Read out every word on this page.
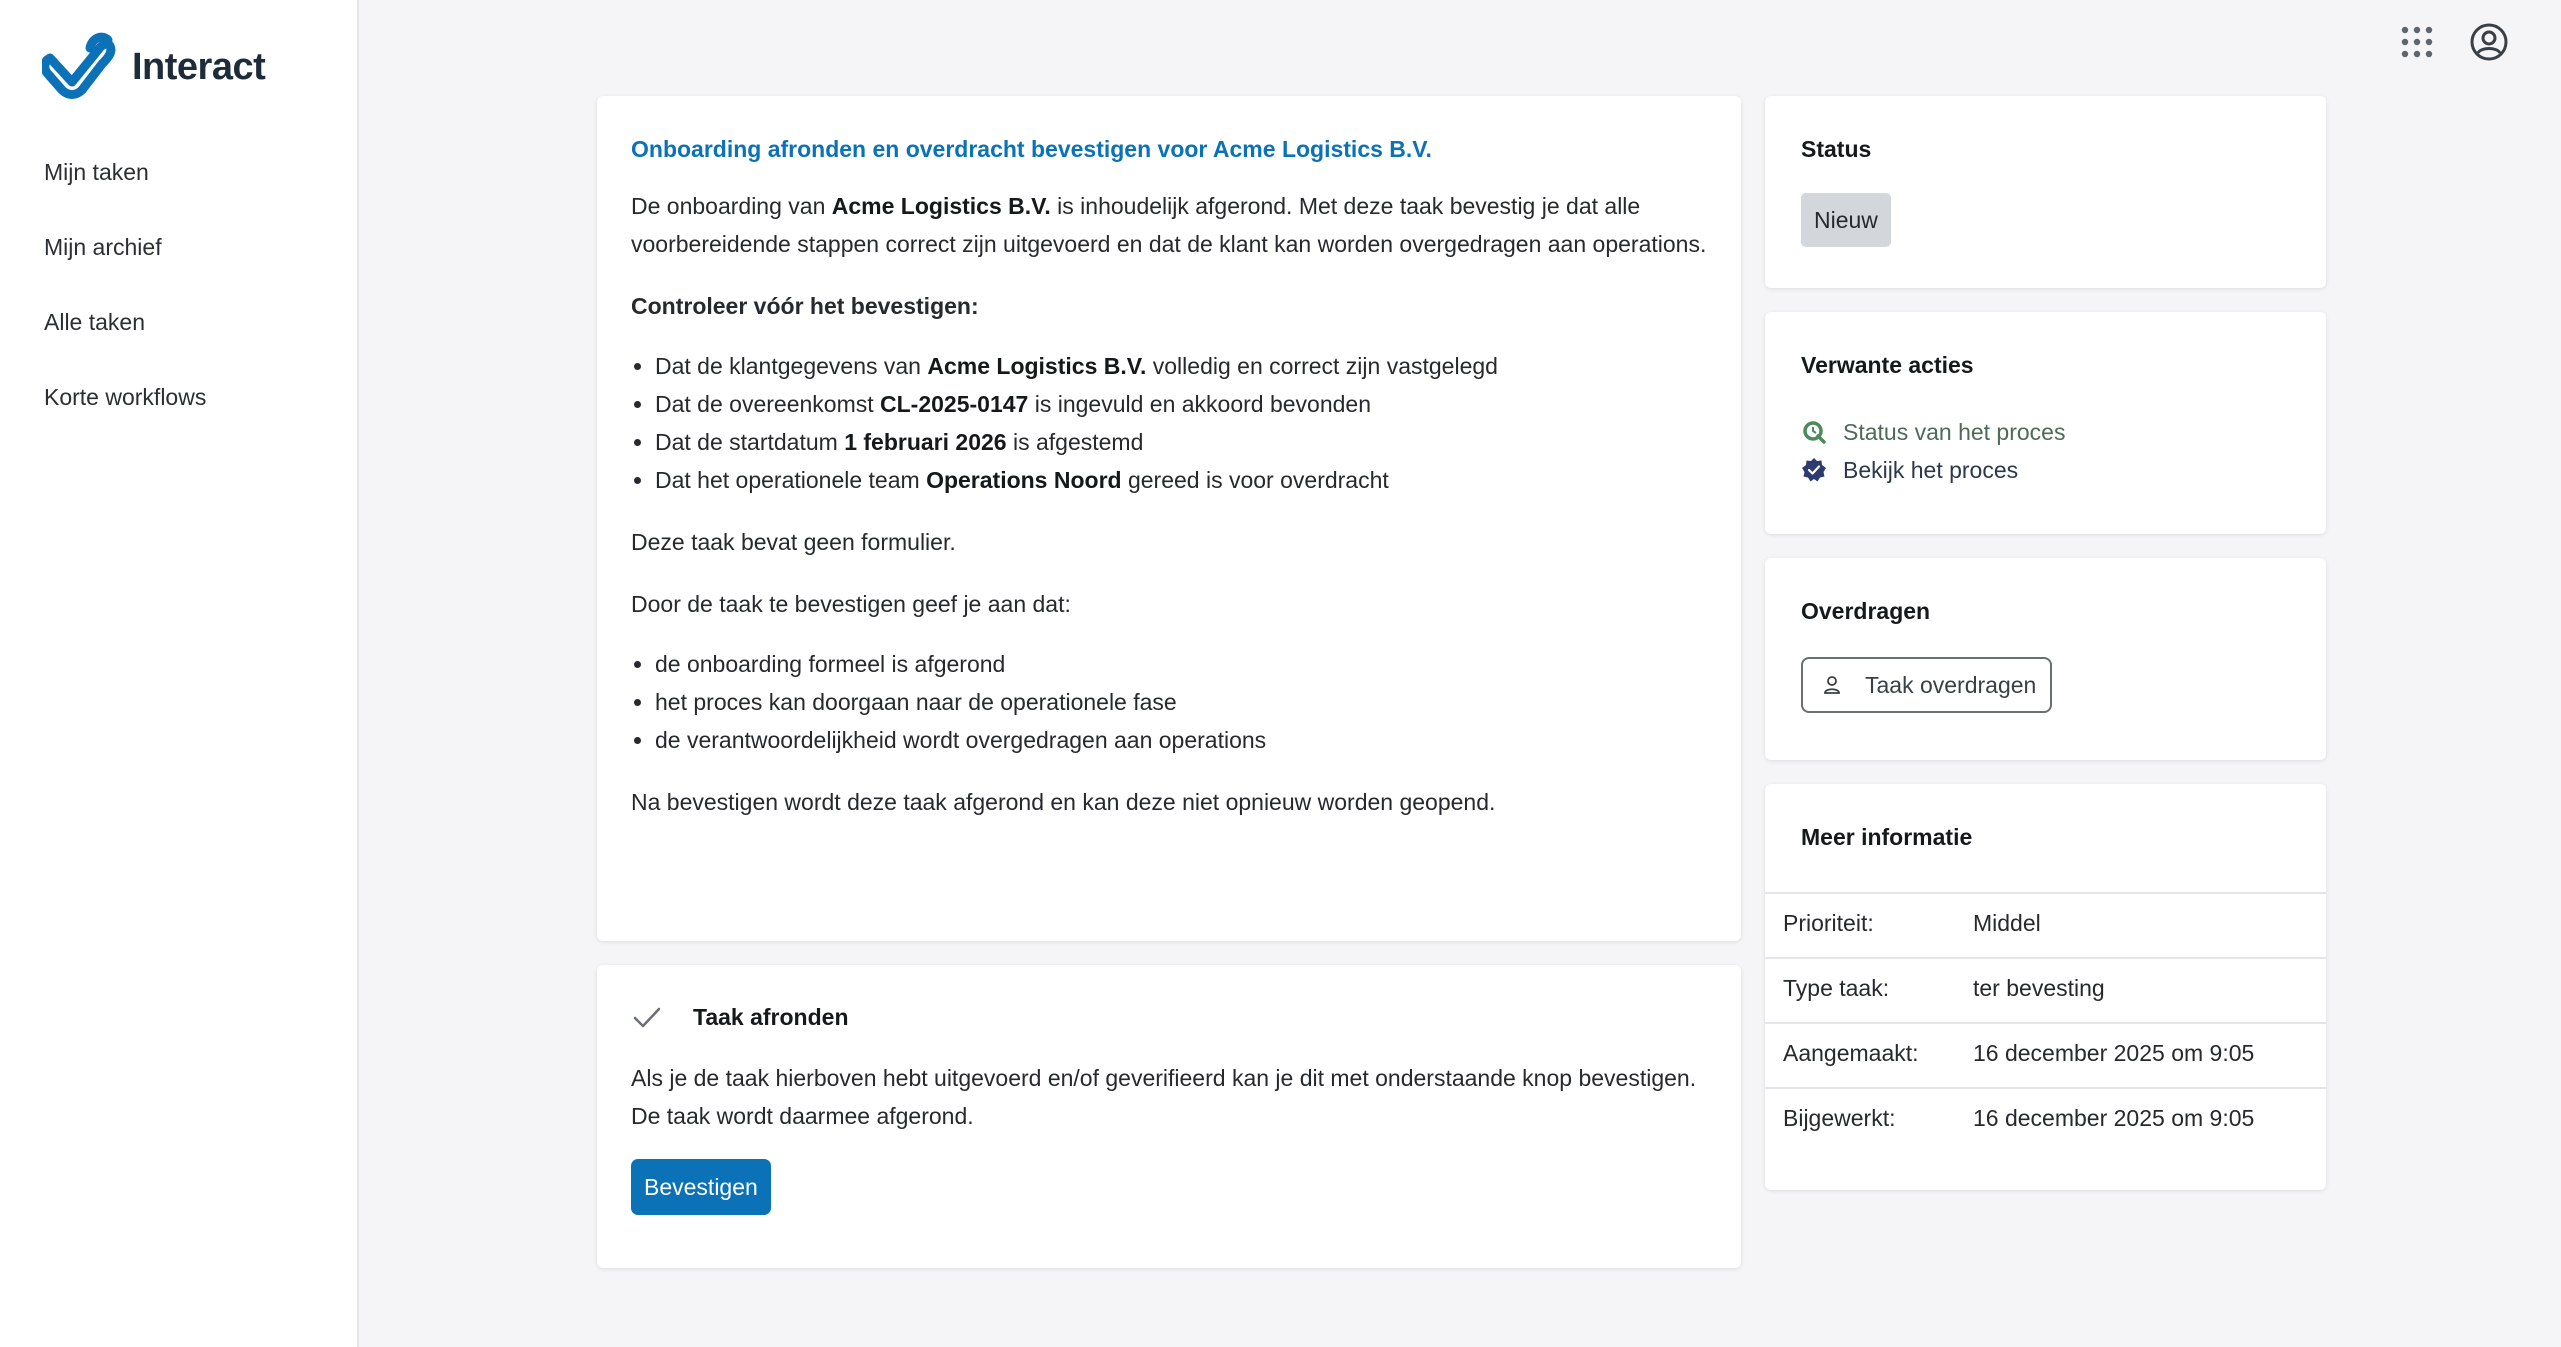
Interact
Mijn taken
Mijn archief
Alle taken
Korte workflows
Onboarding afronden en overdracht bevestigen voor Acme Logistics B.V.

De onboarding van Acme Logistics B.V. is inhoudelijk afgerond. Met deze taak bevestig je dat alle voorbereidende stappen correct zijn uitgevoerd en dat de klant kan worden overgedragen aan operations.

Controleer vóór het bevestigen:

Dat de klantgegevens van Acme Logistics B.V. volledig en correct zijn vastgelegd
Dat de overeenkomst CL-2025-0147 is ingevuld en akkoord bevonden
Dat de startdatum 1 februari 2026 is afgestemd
Dat het operationele team Operations Noord gereed is voor overdracht

Deze taak bevat geen formulier.

Door de taak te bevestigen geef je aan dat:

de onboarding formeel is afgerond
het proces kan doorgaan naar de operationele fase
de verantwoordelijkheid wordt overgedragen aan operations

Na bevestigen wordt deze taak afgerond en kan deze niet opnieuw worden geopend.

Taak afronden

Als je de taak hierboven hebt uitgevoerd en/of geverifieerd kan je dit met onderstaande knop bevestigen. De taak wordt daarmee afgerond.

Bevestigen
Status
Nieuw
Verwante acties
Status van het proces
Bekijk het proces
Overdragen
Taak overdragen
Meer informatie
Prioriteit:	Middel
Type taak:	ter bevesting
Aangemaakt:	16 december 2025 om 9:05
Bijgewerkt:	16 december 2025 om 9:05
